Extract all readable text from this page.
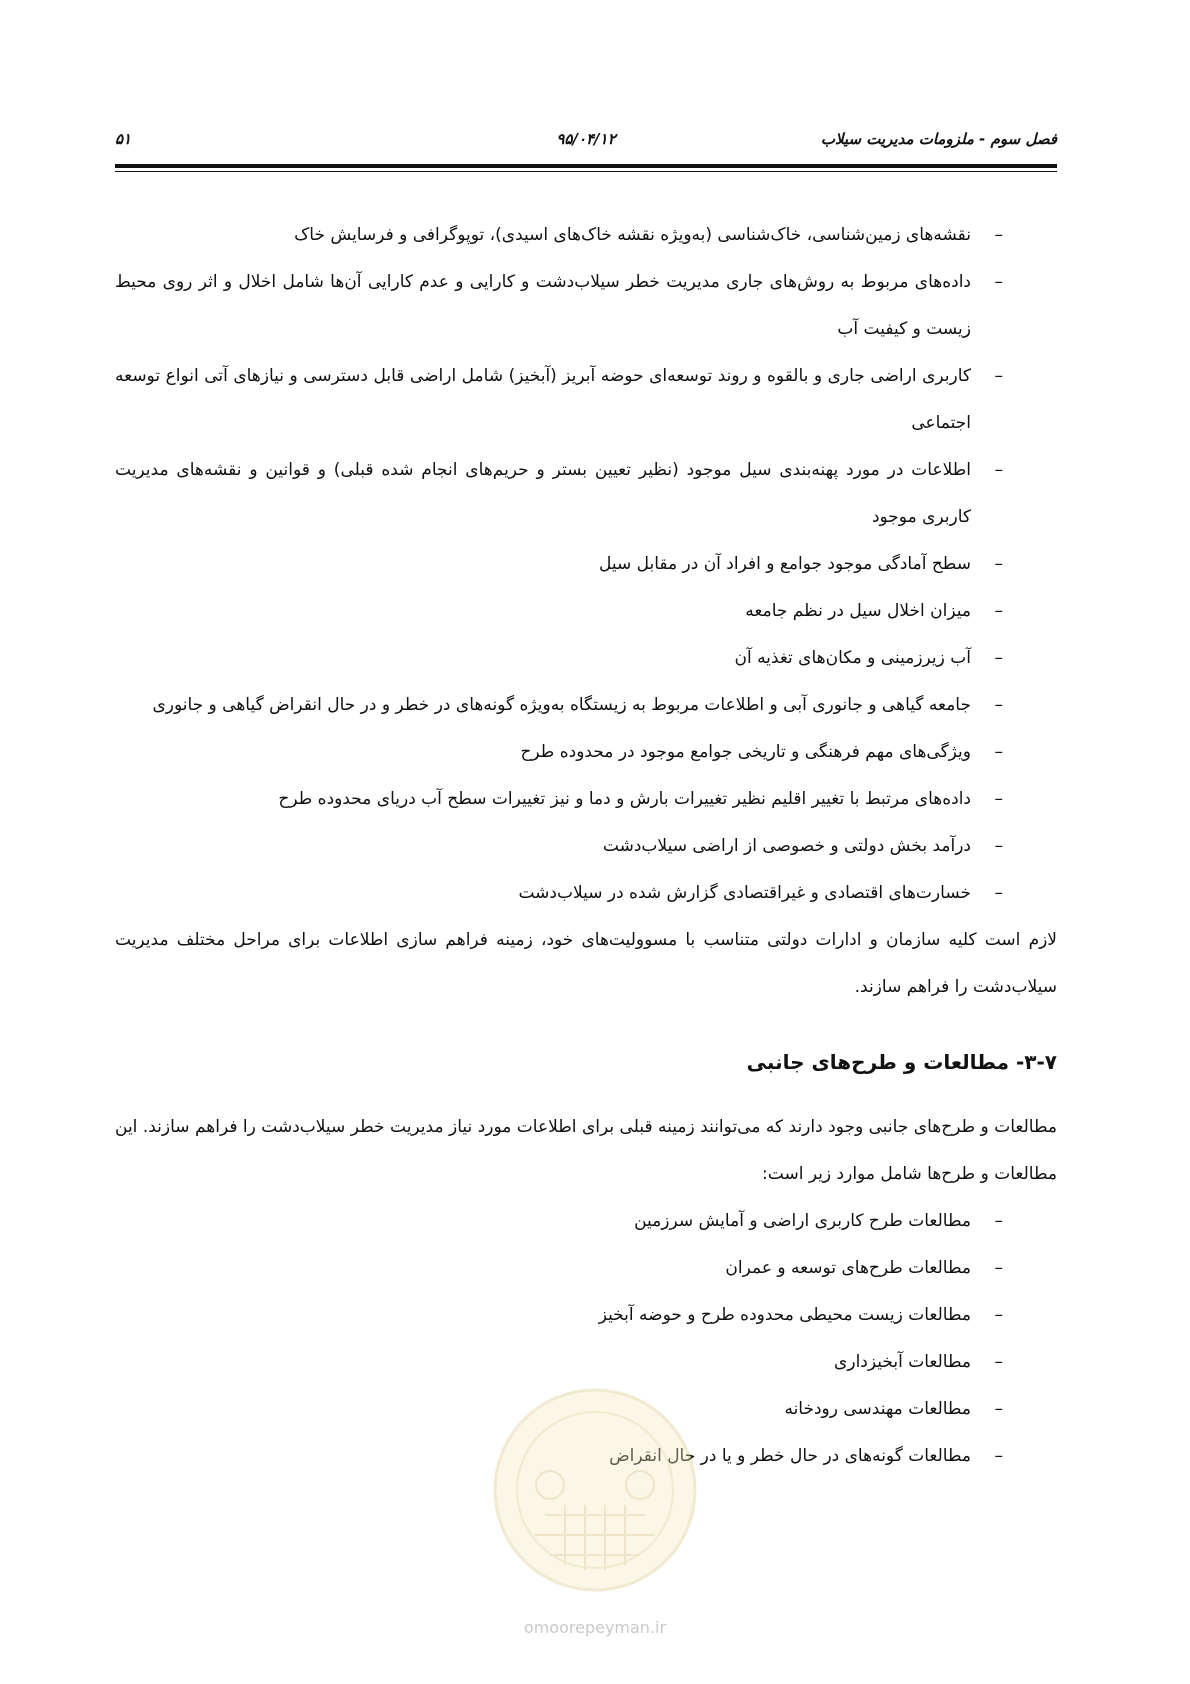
فصل سوم - ملزومات مدیریت سیلاب
۹۵/۰۴/۱۲
۵۱
–
نقشه‌های زمین‌شناسی، خاک‌شناسی (به‌ویژه نقشه خاک‌های اسیدی)، توپوگرافی و فرسایش خاک
–
داده‌های مربوط به روش‌های جاری مدیریت خطر سیلاب‌دشت و کارایی و عدم کارایی آن‌ها شامل اخلال و اثر روی محیط زیست و کیفیت آب
–
کاربری اراضی جاری و بالقوه و روند توسعه‌ای حوضه آبریز (آبخیز) شامل اراضی قابل دسترسی و نیازهای آتی انواع توسعه اجتماعی
–
اطلاعات در مورد پهنه‌بندی سیل موجود (نظیر تعیین بستر و حریم‌های انجام شده قبلی) و قوانین و نقشه‌های مدیریت کاربری موجود
–
سطح آمادگی موجود جوامع و افراد آن در مقابل سیل
–
میزان اخلال سیل در نظم جامعه
–
آب زیرزمینی و مکان‌های تغذیه آن
–
جامعه گیاهی و جانوری آبی و اطلاعات مربوط به زیستگاه به‌ویژه گونه‌های در خطر و در حال انقراض گیاهی و جانوری
–
ویژگی‌های مهم فرهنگی و تاریخی جوامع موجود در محدوده طرح
–
داده‌های مرتبط با تغییر اقلیم نظیر تغییرات بارش و دما و نیز تغییرات سطح آب دریای محدوده طرح
–
درآمد بخش دولتی و خصوصی از اراضی سیلاب‌دشت
–
خسارت‌های اقتصادی و غیراقتصادی گزارش شده در سیلاب‌دشت

لازم است کلیه سازمان و ادارات دولتی متناسب با مسوولیت‌های خود، زمینه فراهم سازی اطلاعات برای مراحل مختلف مدیریت سیلاب‌دشت را فراهم سازند.

۳-۷- مطالعات و طرح‌های جانبی

مطالعات و طرح‌های جانبی وجود دارند که می‌توانند زمینه قبلی برای اطلاعات مورد نیاز مدیریت خطر سیلاب‌دشت را فراهم سازند. این مطالعات و طرح‌ها شامل موارد زیر است:

–
مطالعات طرح کاربری اراضی و آمایش سرزمین
–
مطالعات طرح‌های توسعه و عمران
–
مطالعات زیست محیطی محدوده طرح و حوضه آبخیز
–
مطالعات آبخیزداری
–
مطالعات مهندسی رودخانه
–
مطالعات گونه‌های در حال خطر و یا در حال انقراض
omoorepeyman.ir
